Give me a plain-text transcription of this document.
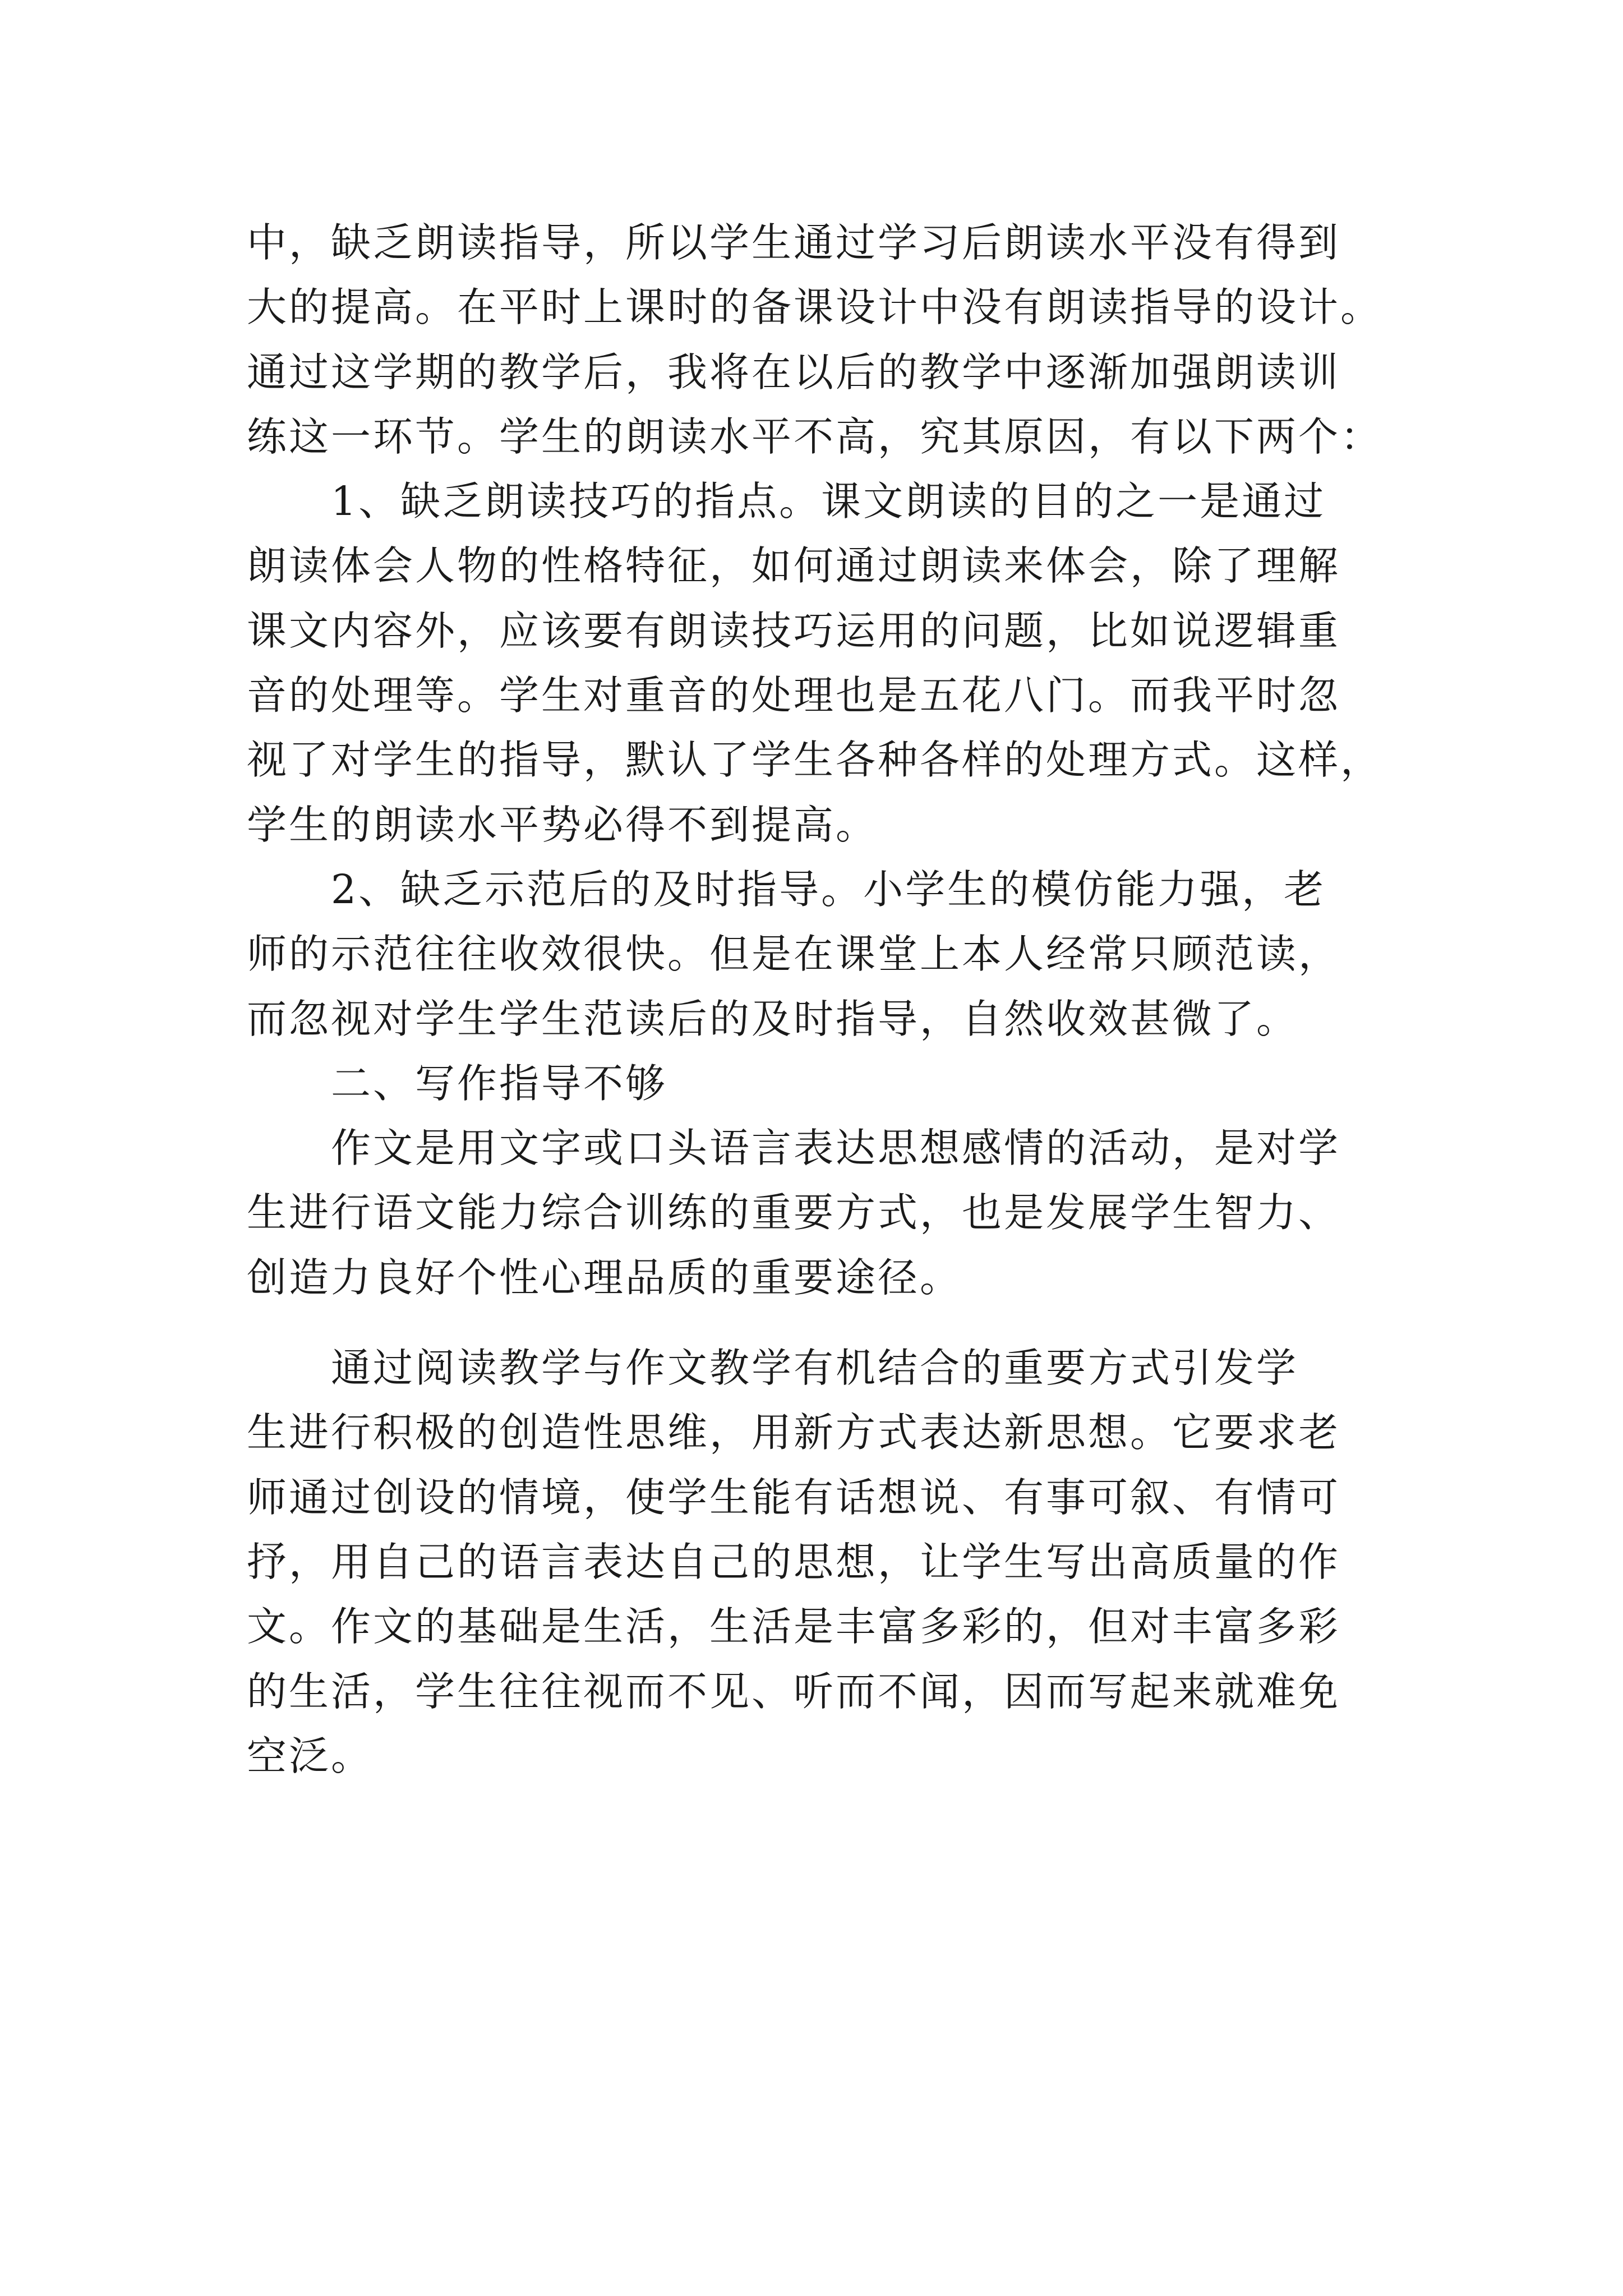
中，缺乏朗读指导，所以学生通过学习后朗读水平没有得到
大的提高。在平时上课时的备课设计中没有朗读指导的设计。
通过这学期的教学后，我将在以后的教学中逐渐加强朗读训
练这一环节。学生的朗读水平不高，究其原因，有以下两个：
1、缺乏朗读技巧的指点。课文朗读的目的之一是通过
朗读体会人物的性格特征，如何通过朗读来体会，除了理解
课文内容外，应该要有朗读技巧运用的问题，比如说逻辑重
音的处理等。学生对重音的处理也是五花八门。而我平时忽
视了对学生的指导，默认了学生各种各样的处理方式。这样，
学生的朗读水平势必得不到提高。
2、缺乏示范后的及时指导。小学生的模仿能力强，老
师的示范往往收效很快。但是在课堂上本人经常只顾范读，
而忽视对学生学生范读后的及时指导，自然收效甚微了。
二、写作指导不够
作文是用文字或口头语言表达思想感情的活动，是对学
生进行语文能力综合训练的重要方式，也是发展学生智力、
创造力良好个性心理品质的重要途径。
通过阅读教学与作文教学有机结合的重要方式引发学
生进行积极的创造性思维，用新方式表达新思想。它要求老
师通过创设的情境，使学生能有话想说、有事可叙、有情可
抒，用自己的语言表达自己的思想，让学生写出高质量的作
文。作文的基础是生活，生活是丰富多彩的，但对丰富多彩
的生活，学生往往视而不见、听而不闻，因而写起来就难免
空泛。
